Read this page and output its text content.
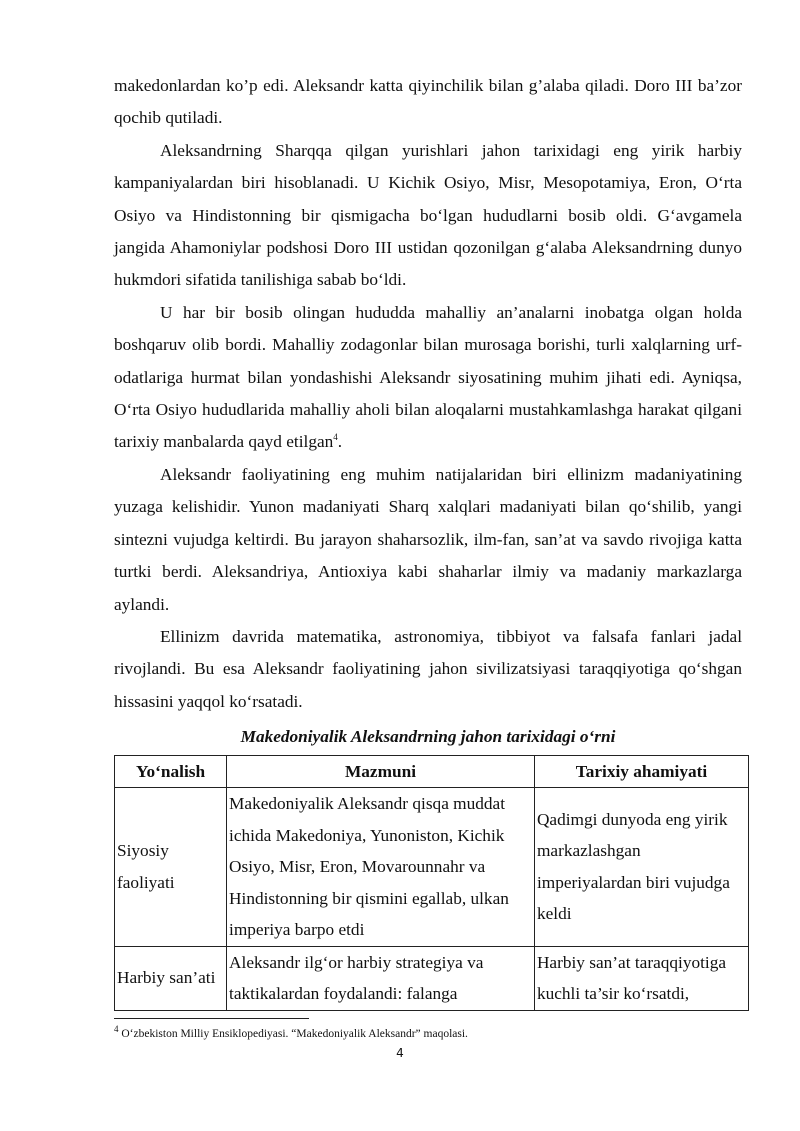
makedonlardan ko’p edi. Aleksandr katta qiyinchilik bilan g’alaba qiladi. Doro III ba’zor qochib qutiladi.

Aleksandrning Sharqqa qilgan yurishlari jahon tarixidagi eng yirik harbiy kampaniyalardan biri hisoblanadi. U Kichik Osiyo, Misr, Mesopotamiya, Eron, O‘rta Osiyo va Hindistonning bir qismigacha bo‘lgan hududlarni bosib oldi. G‘avgamela jangida Ahamoniylar podshosi Doro III ustidan qozonilgan g‘alaba Aleksandrning dunyo hukmdori sifatida tanilishiga sabab bo‘ldi.

U har bir bosib olingan hududda mahalliy an’analarni inobatga olgan holda boshqaruv olib bordi. Mahalliy zodagonlar bilan murosaga borishi, turli xalqlarning urf-odatlariga hurmat bilan yondashishi Aleksandr siyosatining muhim jihati edi. Ayniqsa, O‘rta Osiyo hududlarida mahalliy aholi bilan aloqalarni mustahkamlashga harakat qilgani tarixiy manbalarda qayd etilgan$^4$.

Aleksandr faoliyatining eng muhim natijalaridan biri ellinizm madaniyatining yuzaga kelishidir. Yunon madaniyati Sharq xalqlari madaniyati bilan qo‘shilib, yangi sintezni vujudga keltirdi. Bu jarayon shaharsozlik, ilm-fan, san’at va savdo rivojiga katta turtki berdi. Aleksandriya, Antioxiya kabi shaharlar ilmiy va madaniy markazlarga aylandi.

Ellinizm davrida matematika, astronomiya, tibbiyot va falsafa fanlari jadal rivojlandi. Bu esa Aleksandr faoliyatining jahon sivilizatsiyasi taraqqiyotiga qo‘shgan hissasini yaqqol ko‘rsatadi.

Makedoniyalik Aleksandrning jahon tarixidagi o‘rni
Yo‘nalish	Mazmuni	Tarixiy ahamiyati
Siyosiy faoliyati	Makedoniyalik Aleksandr qisqa muddat ichida Makedoniya, Yunoniston, Kichik Osiyo, Misr, Eron, Movarounnahr va Hindistonning bir qismini egallab, ulkan imperiya barpo etdi	Qadimgi dunyoda eng yirik markazlashgan imperiyalardan biri vujudga keldi
Harbiy san’ati	Aleksandr ilg‘or harbiy strategiya va taktikalardan foydalandi: falanga	Harbiy san’at taraqqiyotiga kuchli ta’sir ko‘rsatdi,
$^4$ O‘zbekiston Milliy Ensiklopediyasi. “Makedoniyalik Aleksandr” maqolasi.
4
